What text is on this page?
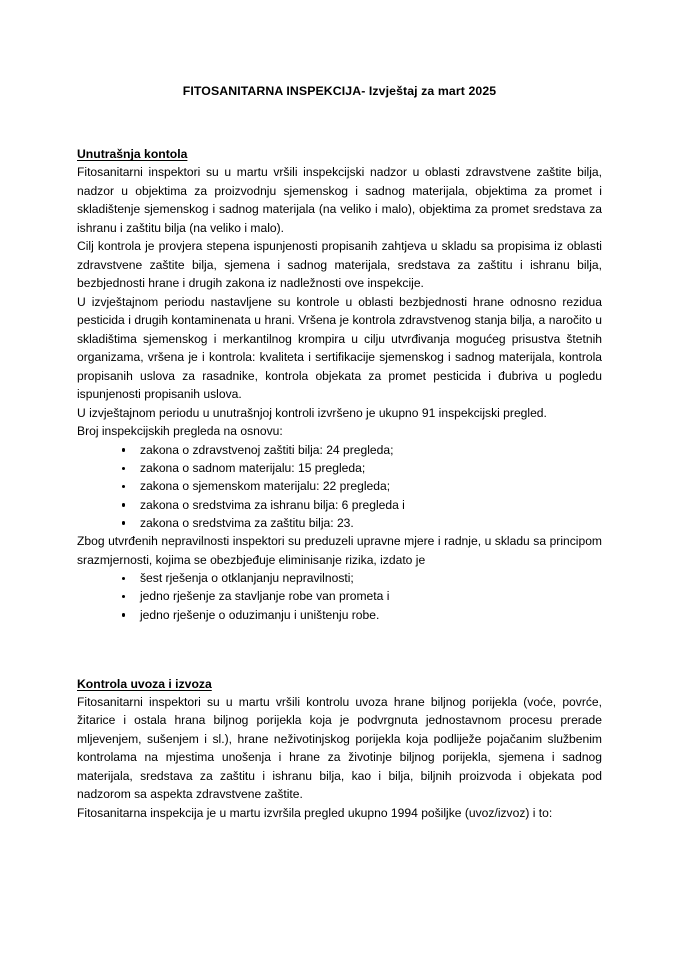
FITOSANITARNA INSPEKCIJA- Izvještaj za mart 2025
Unutrašnja kontola

Fitosanitarni inspektori su u martu vršili inspekcijski nadzor u oblasti zdravstvene zaštite bilja, nadzor u objektima za proizvodnju sjemenskog i sadnog materijala, objektima za promet i skladištenje sjemenskog i sadnog materijala (na veliko i malo), objektima za promet sredstava za ishranu i zaštitu bilja (na veliko i malo).

Cilj kontrola je provjera stepena ispunjenosti propisanih zahtjeva u skladu sa propisima iz oblasti zdravstvene zaštite bilja, sjemena i sadnog materijala, sredstava za zaštitu i ishranu bilja, bezbjednosti hrane i drugih zakona iz nadležnosti ove inspekcije.

U izvještajnom periodu nastavljene su kontrole u oblasti bezbjednosti hrane odnosno rezidua pesticida i drugih kontaminenata u hrani. Vršena je kontrola zdravstvenog stanja bilja, a naročito u skladištima sjemenskog i merkantilnog krompira u cilju utvrđivanja mogućeg prisustva štetnih organizama, vršena je i kontrola: kvaliteta i sertifikacije sjemenskog i sadnog materijala, kontrola propisanih uslova za rasadnike, kontrola objekata za promet pesticida i đubriva u pogledu ispunjenosti propisanih uslova.

U izvještajnom periodu u unutrašnjoj kontroli izvršeno je ukupno 91 inspekcijski pregled.

Broj inspekcijskih pregleda na osnovu:

zakona o zdravstvenoj zaštiti bilja: 24 pregleda;
zakona o sadnom materijalu: 15 pregleda;
zakona o sjemenskom materijalu: 22 pregleda;
zakona o sredstvima za ishranu bilja: 6 pregleda i
zakona o sredstvima za zaštitu bilja: 23.

Zbog utvrđenih nepravilnosti inspektori su preduzeli upravne mjere i radnje, u skladu sa principom srazmjernosti, kojima se obezbjeđuje eliminisanje rizika, izdato je

šest rješenja o otklanjanju nepravilnosti;
jedno rješenje za stavljanje robe van prometa i
jedno rješenje o oduzimanju i uništenju robe.
Kontrola uvoza i izvoza

Fitosanitarni inspektori su u martu vršili kontrolu uvoza hrane biljnog porijekla (voće, povrće, žitarice i ostala hrana biljnog porijekla koja je podvrgnuta jednostavnom procesu prerade mljevenjem, sušenjem i sl.), hrane neživotinjskog porijekla koja podliježe pojačanim službenim kontrolama na mjestima unošenja i hrane za životinje biljnog porijekla, sjemena i sadnog materijala, sredstava za zaštitu i ishranu bilja, kao i bilja, biljnih proizvoda i objekata pod nadzorom sa aspekta zdravstvene zaštite.

Fitosanitarna inspekcija je u martu izvršila pregled ukupno 1994 pošiljke (uvoz/izvoz) i to:
